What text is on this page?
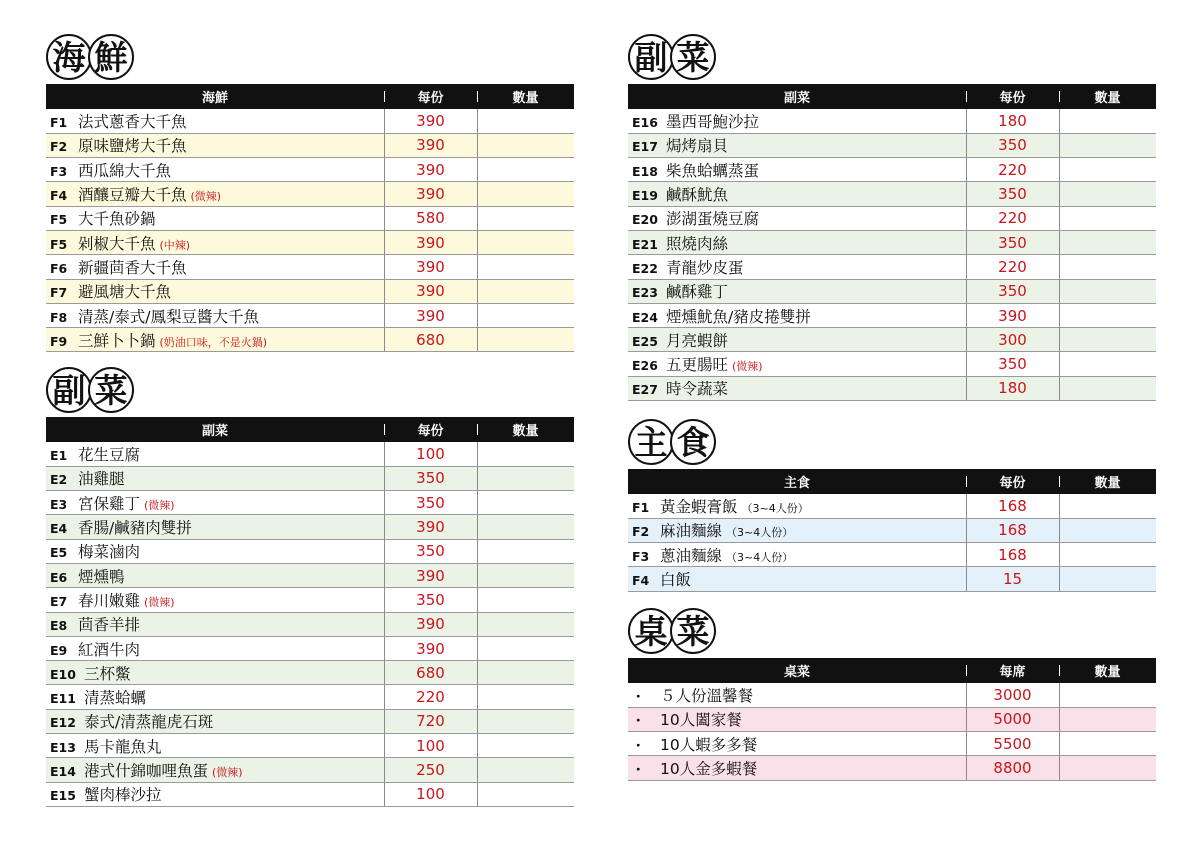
海 鮮
海鮮	每份	數量
F1 法式蔥香大千魚	390	
F2 原味鹽烤大千魚	390	
F3 西瓜綿大千魚	390	
F4 酒釀豆瓣大千魚 (微辣)	390	
F5 大千魚砂鍋	580	
F5 剁椒大千魚 (中辣)	390	
F6 新疆茴香大千魚	390	
F7 避風塘大千魚	390	
F8 清蒸/泰式/鳳梨豆醬大千魚	390	
F9 三鮮卜卜鍋 (奶油口味，不是火鍋)	680	
副 菜
副菜	每份	數量
E1 花生豆腐	100	
E2 油雞腿	350	
E3 宮保雞丁 (微辣)	350	
E4 香腸/鹹豬肉雙拼	390	
E5 梅菜滷肉	350	
E6 煙燻鴨	390	
E7 春川嫩雞 (微辣)	350	
E8 茴香羊排	390	
E9 紅酒牛肉	390	
E10 三杯鱉	680	
E11 清蒸蛤蠣	220	
E12 泰式/清蒸龍虎石斑	720	
E13 馬卡龍魚丸	100	
E14 港式什錦咖哩魚蛋 (微辣)	250	
E15 蟹肉棒沙拉	100	
副 菜
副菜	每份	數量
E16 墨西哥鮑沙拉	180	
E17 焗烤扇貝	350	
E18 柴魚蛤蠣蒸蛋	220	
E19 鹹酥魷魚	350	
E20 澎湖蛋燒豆腐	220	
E21 照燒肉絲	350	
E22 青龍炒皮蛋	220	
E23 鹹酥雞丁	350	
E24 煙燻魷魚/豬皮捲雙拼	390	
E25 月亮蝦餅	300	
E26 五更腸旺 (微辣)	350	
E27 時令蔬菜	180	
主 食
主食	每份	數量
F1 黃金蝦膏飯 （3~4人份）	168	
F2 麻油麵線 （3~4人份）	168	
F3 蔥油麵線 （3~4人份）	168	
F4 白飯	15	
桌 菜
桌菜	每席	數量
・ ５人份溫馨餐	3000	
・ 10人闔家餐	5000	
・ 10人蝦多多餐	5500	
・ 10人金多蝦餐	8800	
